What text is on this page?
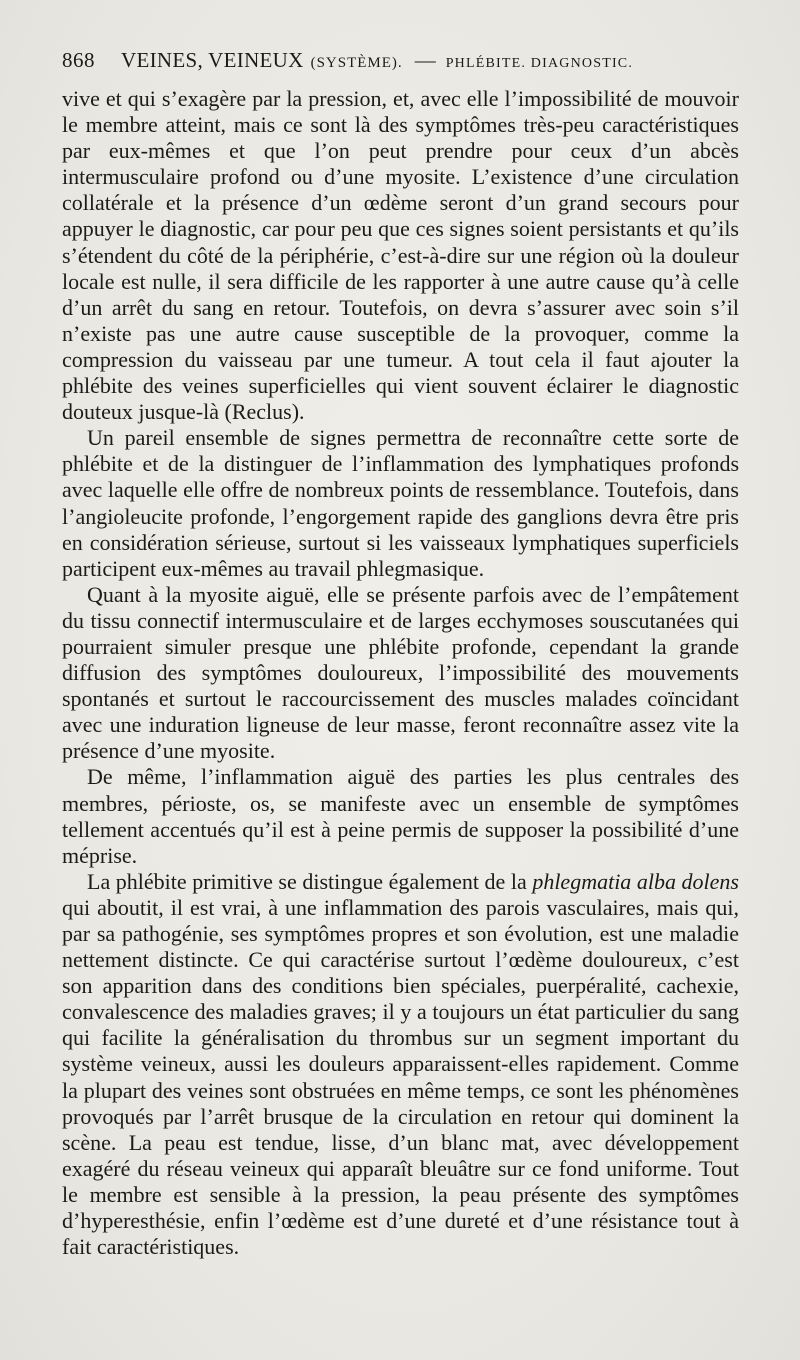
868 VEINES, VEINEUX (SYSTÈME). — PHLÉBITE. DIAGNOSTIC.

vive et qui s’exagère par la pression, et, avec elle l’impossibilité de mouvoir le membre atteint, mais ce sont là des symptômes très-peu caractéristiques par eux-mêmes et que l’on peut prendre pour ceux d’un abcès intermusculaire profond ou d’une myosite. L’existence d’une circulation collatérale et la présence d’un œdème seront d’un grand secours pour appuyer le diagnostic, car pour peu que ces signes soient persistants et qu’ils s’étendent du côté de la périphérie, c’est-à-dire sur une région où la douleur locale est nulle, il sera difficile de les rapporter à une autre cause qu’à celle d’un arrêt du sang en retour. Toutefois, on devra s’assurer avec soin s’il n’existe pas une autre cause susceptible de la provoquer, comme la compression du vaisseau par une tumeur. A tout cela il faut ajouter la phlébite des veines superficielles qui vient souvent éclairer le diagnostic douteux jusque-là (Reclus).

Un pareil ensemble de signes permettra de reconnaître cette sorte de phlébite et de la distinguer de l’inflammation des lymphatiques profonds avec laquelle elle offre de nombreux points de ressemblance. Toutefois, dans l’angioleucite profonde, l’engorgement rapide des ganglions devra être pris en considération sérieuse, surtout si les vaisseaux lymphatiques superficiels participent eux-mêmes au travail phlegmasique.

Quant à la myosite aiguë, elle se présente parfois avec de l’empâtement du tissu connectif intermusculaire et de larges ecchymoses souscutanées qui pourraient simuler presque une phlébite profonde, cependant la grande diffusion des symptômes douloureux, l’impossibilité des mouvements spontanés et surtout le raccourcissement des muscles malades coïncidant avec une induration ligneuse de leur masse, feront reconnaître assez vite la présence d’une myosite.

De même, l’inflammation aiguë des parties les plus centrales des membres, périoste, os, se manifeste avec un ensemble de symptômes tellement accentués qu’il est à peine permis de supposer la possibilité d’une méprise.

La phlébite primitive se distingue également de la phlegmatia alba dolens qui aboutit, il est vrai, à une inflammation des parois vasculaires, mais qui, par sa pathogénie, ses symptômes propres et son évolution, est une maladie nettement distincte. Ce qui caractérise surtout l’œdème douloureux, c’est son apparition dans des conditions bien spéciales, puerpéralité, cachexie, convalescence des maladies graves; il y a toujours un état particulier du sang qui facilite la généralisation du thrombus sur un segment important du système veineux, aussi les douleurs apparaissent-elles rapidement. Comme la plupart des veines sont obstruées en même temps, ce sont les phénomènes provoqués par l’arrêt brusque de la circulation en retour qui dominent la scène. La peau est tendue, lisse, d’un blanc mat, avec développement exagéré du réseau veineux qui apparaît bleuâtre sur ce fond uniforme. Tout le membre est sensible à la pression, la peau présente des symptômes d’hyperesthésie, enfin l’œdème est d’une dureté et d’une résistance tout à fait caractéristiques.
